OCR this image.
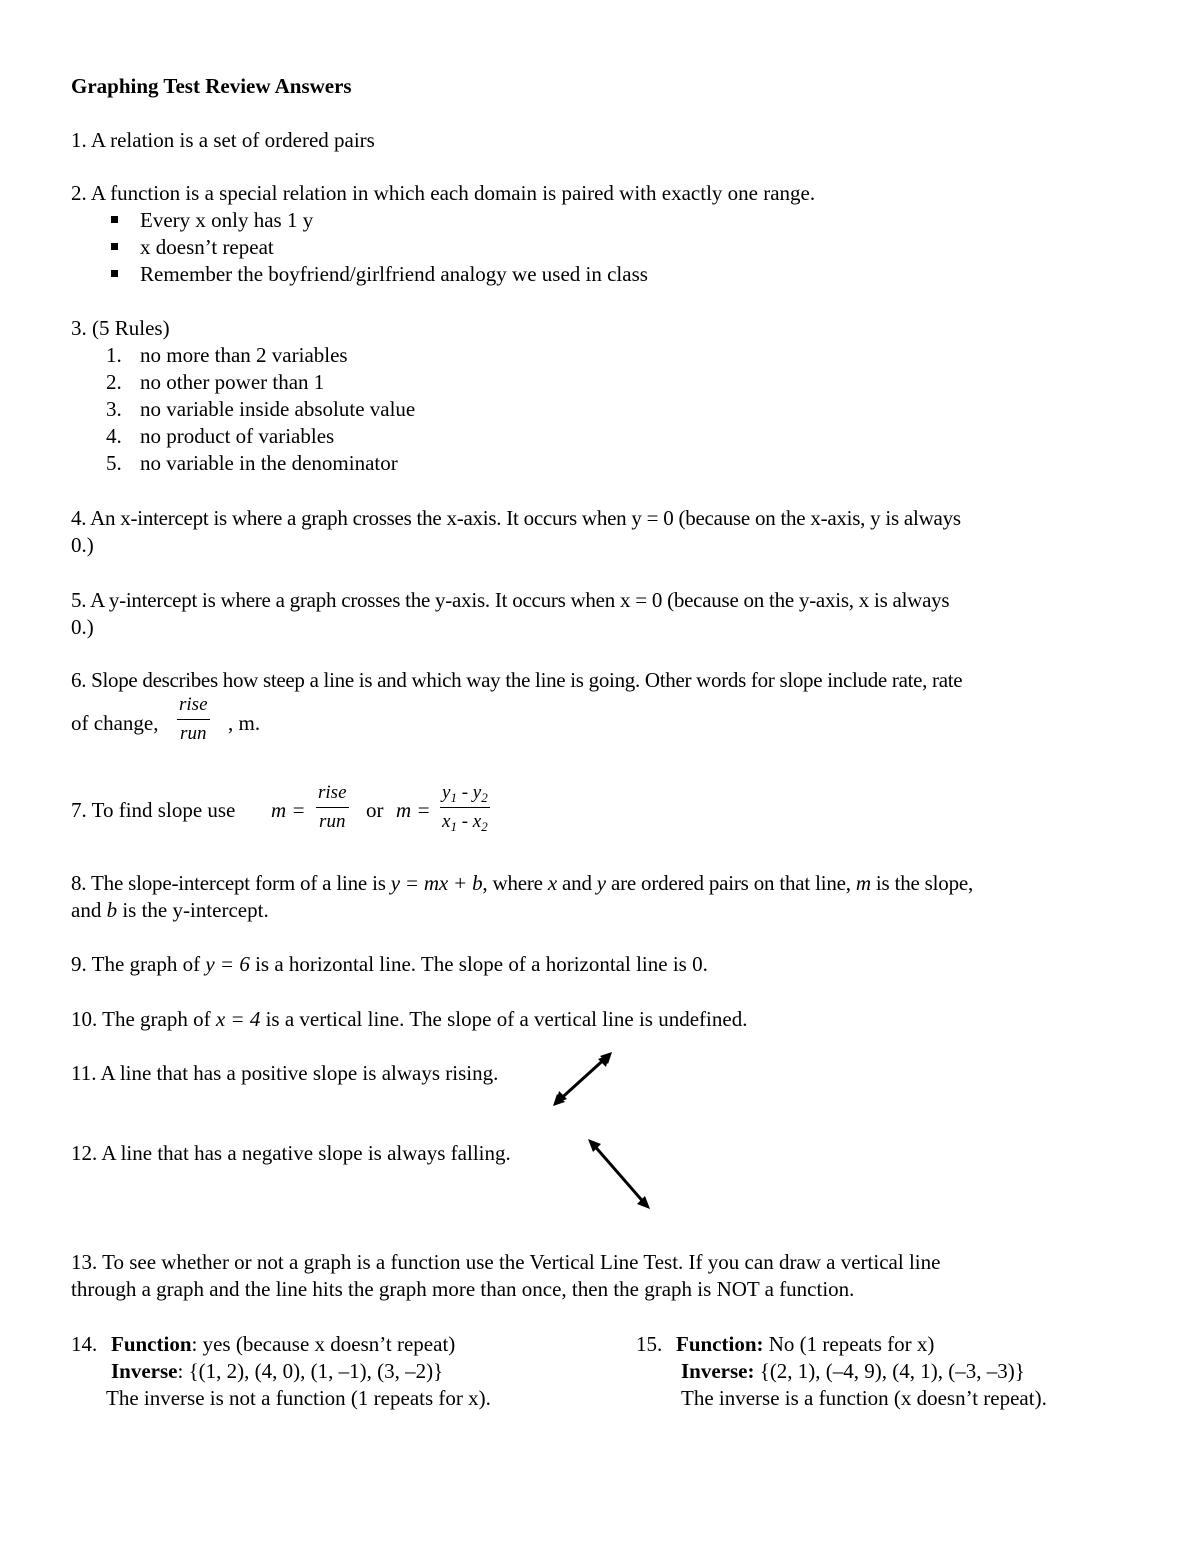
Graphing Test Review Answers
1. A relation is a set of ordered pairs
2. A function is a special relation in which each domain is paired with exactly one range.
Every x only has 1 y
x doesn’t repeat
Remember the boyfriend/girlfriend analogy we used in class
3. (5 Rules)
1. no more than 2 variables
2. no other power than 1
3. no variable inside absolute value
4. no product of variables
5. no variable in the denominator
4. An x-intercept is where a graph crosses the x-axis. It occurs when y = 0 (because on the x-axis, y is always
0.)
5. A y-intercept is where a graph crosses the y-axis. It occurs when x = 0 (because on the y-axis, x is always
0.)
6. Slope describes how steep a line is and which way the line is going. Other words for slope include rate, rate
of change, $\frac{\text{rise}}{\text{run}}$ , m.
7. To find slope use $m = \frac{\text{rise}}{\text{run}}$ or $m = \frac{y_1 - y_2}{x_1 - x_2}$
8. The slope-intercept form of a line is y = mx + b, where x and y are ordered pairs on that line, m is the slope,
and b is the y-intercept.
9. The graph of y = 6 is a horizontal line. The slope of a horizontal line is 0.
10. The graph of x = 4 is a vertical line. The slope of a vertical line is undefined.
11. A line that has a positive slope is always rising.
12. A line that has a negative slope is always falling.
13. To see whether or not a graph is a function use the Vertical Line Test. If you can draw a vertical line
through a graph and the line hits the graph more than once, then the graph is NOT a function.
14. Function: yes (because x doesn’t repeat)
Inverse: {(1, 2), (4, 0), (1, –1), (3, –2)}
The inverse is not a function (1 repeats for x).
15. Function: No (1 repeats for x)
Inverse: {(2, 1), (–4, 9), (4, 1), (–3, –3)}
The inverse is a function (x doesn’t repeat).
